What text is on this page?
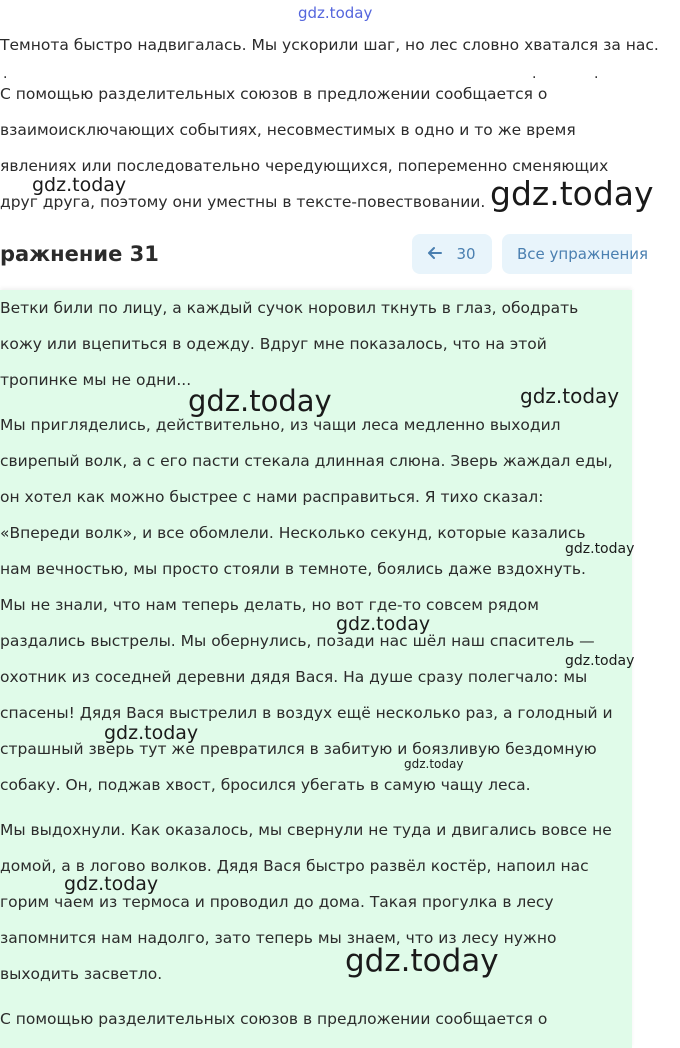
gdz.today
Темнота быстро надвигалась. Мы ускорили шаг, но лес словно хватался за нас.
.	.	.
С помощью разделительных союзов в предложении сообщается о
взаимоисключающих событиях, несовместимых в одно и то же время
явлениях или последовательно чередующихся, попеременно сменяющих
друг друга, поэтому они уместны в тексте-повествовании.
gdz.today	gdz.today
ражнение 31	30	Все упражнения
Ветки били по лицу, а каждый сучок норовил ткнуть в глаз, ободрать
кожу или вцепиться в одежду. Вдруг мне показалось, что на этой
тропинке мы не одни...
Мы пригляделись, действительно, из чащи леса медленно выходил
свирепый волк, а с его пасти стекала длинная слюна. Зверь жаждал еды,
он хотел как можно быстрее с нами расправиться. Я тихо сказал:
«Впереди волк», и все обомлели. Несколько секунд, которые казались
нам вечностью, мы просто стояли в темноте, боялись даже вздохнуть.
Мы не знали, что нам теперь делать, но вот где-то совсем рядом
раздались выстрелы. Мы обернулись, позади нас шёл наш спаситель —
охотник из соседней деревни дядя Вася. На душе сразу полегчало: мы
спасены! Дядя Вася выстрелил в воздух ещё несколько раз, а голодный и
страшный зверь тут же превратился в забитую и боязливую бездомную
собаку. Он, поджав хвост, бросился убегать в самую чащу леса.
Мы выдохнули. Как оказалось, мы свернули не туда и двигались вовсе не
домой, а в логово волков. Дядя Вася быстро развёл костёр, напоил нас
горим чаем из термоса и проводил до дома. Такая прогулка в лесу
запомнится нам надолго, зато теперь мы знаем, что из лесу нужно
выходить засветло.
С помощью разделительных союзов в предложении сообщается о
gdz.today	gdz.today
gdz.today
gdz.today
gdz.today
gdz.today
gdz.today
gdz.today
gdz.today
